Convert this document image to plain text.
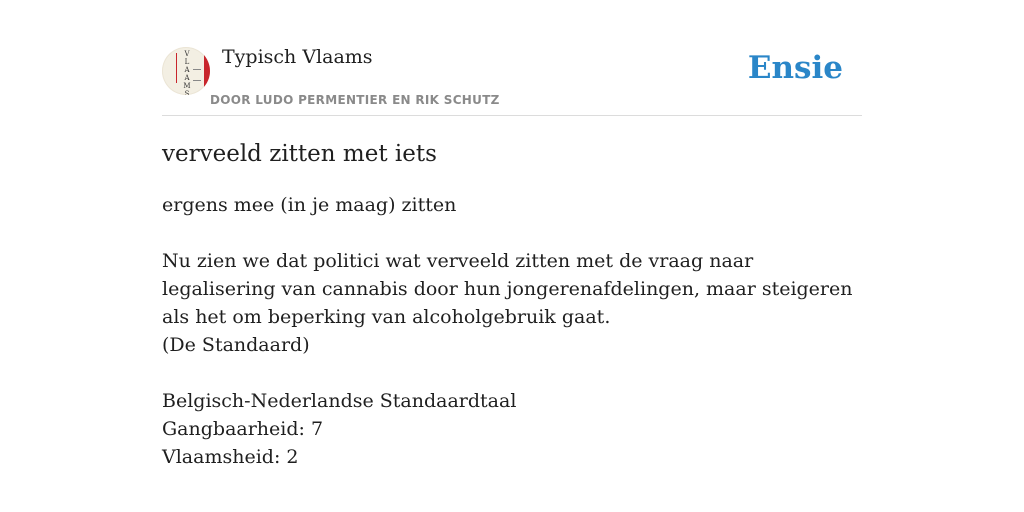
V
L
A
A
M
S
Typisch Vlaams
DOOR LUDO PERMENTIER EN RIK SCHUTZ
Ensie
verveeld zitten met iets

ergens mee (in je maag) zitten

Nu zien we dat politici wat verveeld zitten met de vraag naar legalisering van cannabis door hun jongerenafdelingen, maar steigeren als het om beperking van alcoholgebruik gaat.

(De Standaard)

Belgisch-Nederlandse Standaardtaal

Gangbaarheid: 7

Vlaamsheid: 2
